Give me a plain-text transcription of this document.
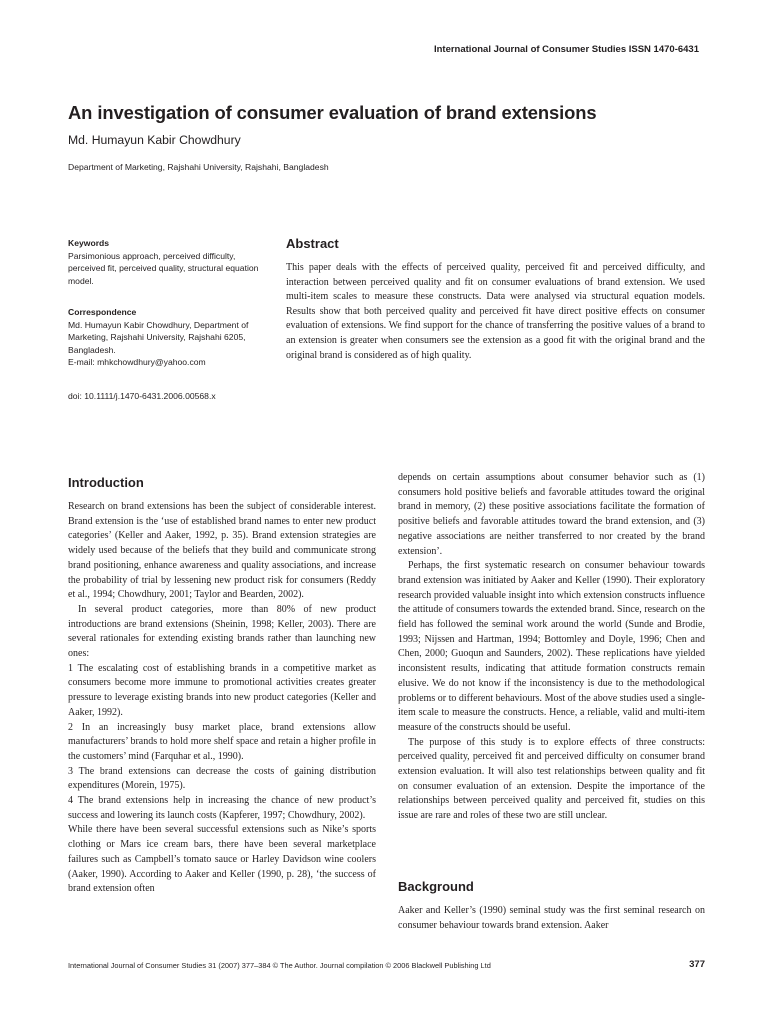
International Journal of Consumer Studies ISSN 1470-6431
An investigation of consumer evaluation of brand extensions
Md. Humayun Kabir Chowdhury
Department of Marketing, Rajshahi University, Rajshahi, Bangladesh
Keywords
Parsimonious approach, perceived difficulty, perceived fit, perceived quality, structural equation model.
Correspondence
Md. Humayun Kabir Chowdhury, Department of Marketing, Rajshahi University, Rajshahi 6205, Bangladesh.
E-mail: mhkchowdhury@yahoo.com
doi: 10.1111/j.1470-6431.2006.00568.x
Abstract
This paper deals with the effects of perceived quality, perceived fit and perceived difficulty, and interaction between perceived quality and fit on consumer evaluations of brand extension. We used multi-item scales to measure these constructs. Data were analysed via structural equation models. Results show that both perceived quality and perceived fit have direct positive effects on consumer evaluation of extensions. We find support for the chance of transferring the positive values of a brand to an extension is greater when consumers see the extension as a good fit with the original brand and the original brand is considered as of high quality.
Introduction

Research on brand extensions has been the subject of considerable interest. Brand extension is the ‘use of established brand names to enter new product categories’ (Keller and Aaker, 1992, p. 35). Brand extension strategies are widely used because of the beliefs that they build and communicate strong brand positioning, enhance awareness and quality associations, and increase the probability of trial by lessening new product risk for consumers (Reddy et al., 1994; Chowdhury, 2001; Taylor and Bearden, 2002).

In several product categories, more than 80% of new product introductions are brand extensions (Sheinin, 1998; Keller, 2003). There are several rationales for extending existing brands rather than launching new ones:

1 The escalating cost of establishing brands in a competitive market as consumers become more immune to promotional activities creates greater pressure to leverage existing brands into new product categories (Keller and Aaker, 1992).

2 In an increasingly busy market place, brand extensions allow manufacturers’ brands to hold more shelf space and retain a higher profile in the customers’ mind (Farquhar et al., 1990).

3 The brand extensions can decrease the costs of gaining distribution expenditures (Morein, 1975).

4 The brand extensions help in increasing the chance of new product’s success and lowering its launch costs (Kapferer, 1997; Chowdhury, 2002).

While there have been several successful extensions such as Nike’s sports clothing or Mars ice cream bars, there have been several marketplace failures such as Campbell’s tomato sauce or Harley Davidson wine coolers (Aaker, 1990). According to Aaker and Keller (1990, p. 28), ‘the success of brand extension often

depends on certain assumptions about consumer behavior such as (1) consumers hold positive beliefs and favorable attitudes toward the original brand in memory, (2) these positive associations facilitate the formation of positive beliefs and favorable attitudes toward the brand extension, and (3) negative associations are neither transferred to nor created by the brand extension’.

Perhaps, the first systematic research on consumer behaviour towards brand extension was initiated by Aaker and Keller (1990). Their exploratory research provided valuable insight into which extension constructs influence the attitude of consumers towards the extended brand. Since, research on the field has followed the seminal work around the world (Sunde and Brodie, 1993; Nijssen and Hartman, 1994; Bottomley and Doyle, 1996; Chen and Chen, 2000; Guoqun and Saunders, 2002). These replications have yielded inconsistent results, indicating that attitude formation constructs remain elusive. We do not know if the inconsistency is due to the methodological problems or to different behaviours. Most of the above studies used a single-item scale to measure the constructs. Hence, a reliable, valid and multi-item measure of the constructs should be useful.

The purpose of this study is to explore effects of three constructs: perceived quality, perceived fit and perceived difficulty on consumer brand extension evaluation. It will also test relationships between quality and fit on consumer evaluation of an extension. Despite the importance of the relationships between perceived quality and perceived fit, studies on this issue are rare and roles of these two are still unclear.

Background

Aaker and Keller’s (1990) seminal study was the first seminal research on consumer behaviour towards brand extension. Aaker

International Journal of Consumer Studies 31 (2007) 377–384 © The Author. Journal compilation © 2006 Blackwell Publishing Ltd	377
